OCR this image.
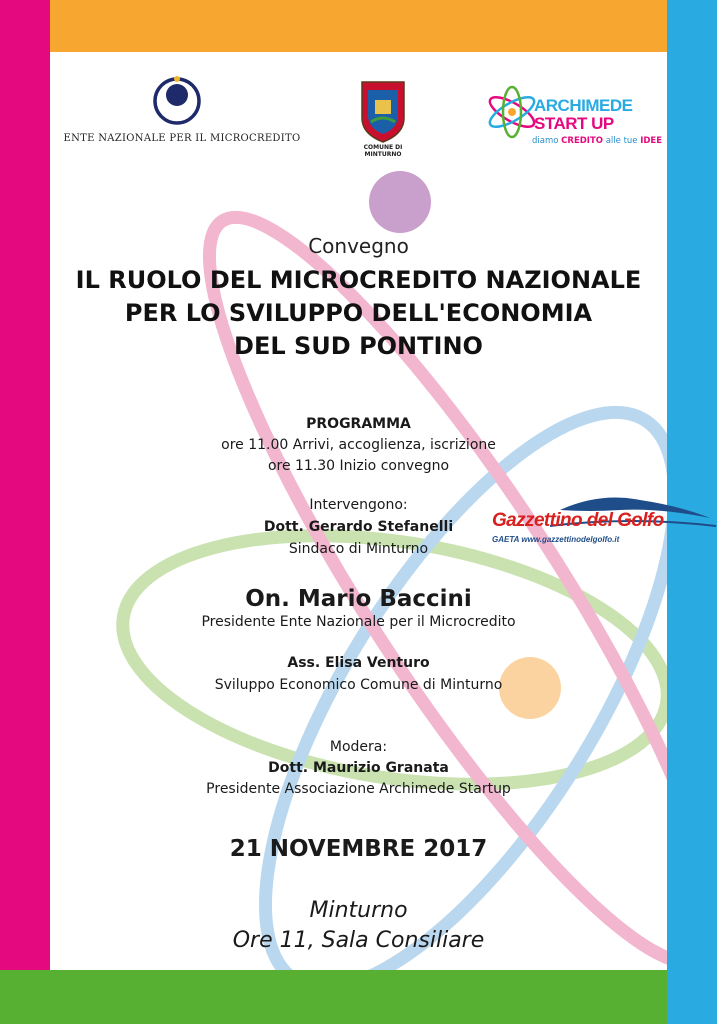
ENTE NAZIONALE PER IL MICROCREDITO
COMUNE DI
MINTURNO
ARCHIMEDE
START UP
diamo CREDITO alle tue IDEE
Convegno
IL RUOLO DEL MICROCREDITO NAZIONALE
PER LO SVILUPPO DELL'ECONOMIA
DEL SUD PONTINO
PROGRAMMA
ore 11.00 Arrivi, accoglienza, iscrizione
ore 11.30 Inizio convegno
Intervengono:
Dott. Gerardo Stefanelli
Sindaco di Minturno
On. Mario Baccini
Presidente Ente Nazionale per il Microcredito
Ass. Elisa Venturo
Sviluppo Economico Comune di Minturno
Modera:
Dott. Maurizio Granata
Presidente Associazione Archimede Startup
21 NOVEMBRE 2017
Minturno
Ore 11, Sala Consiliare
Gazzettino del Golfo
GAETA www.gazzettinodelgolfo.it
